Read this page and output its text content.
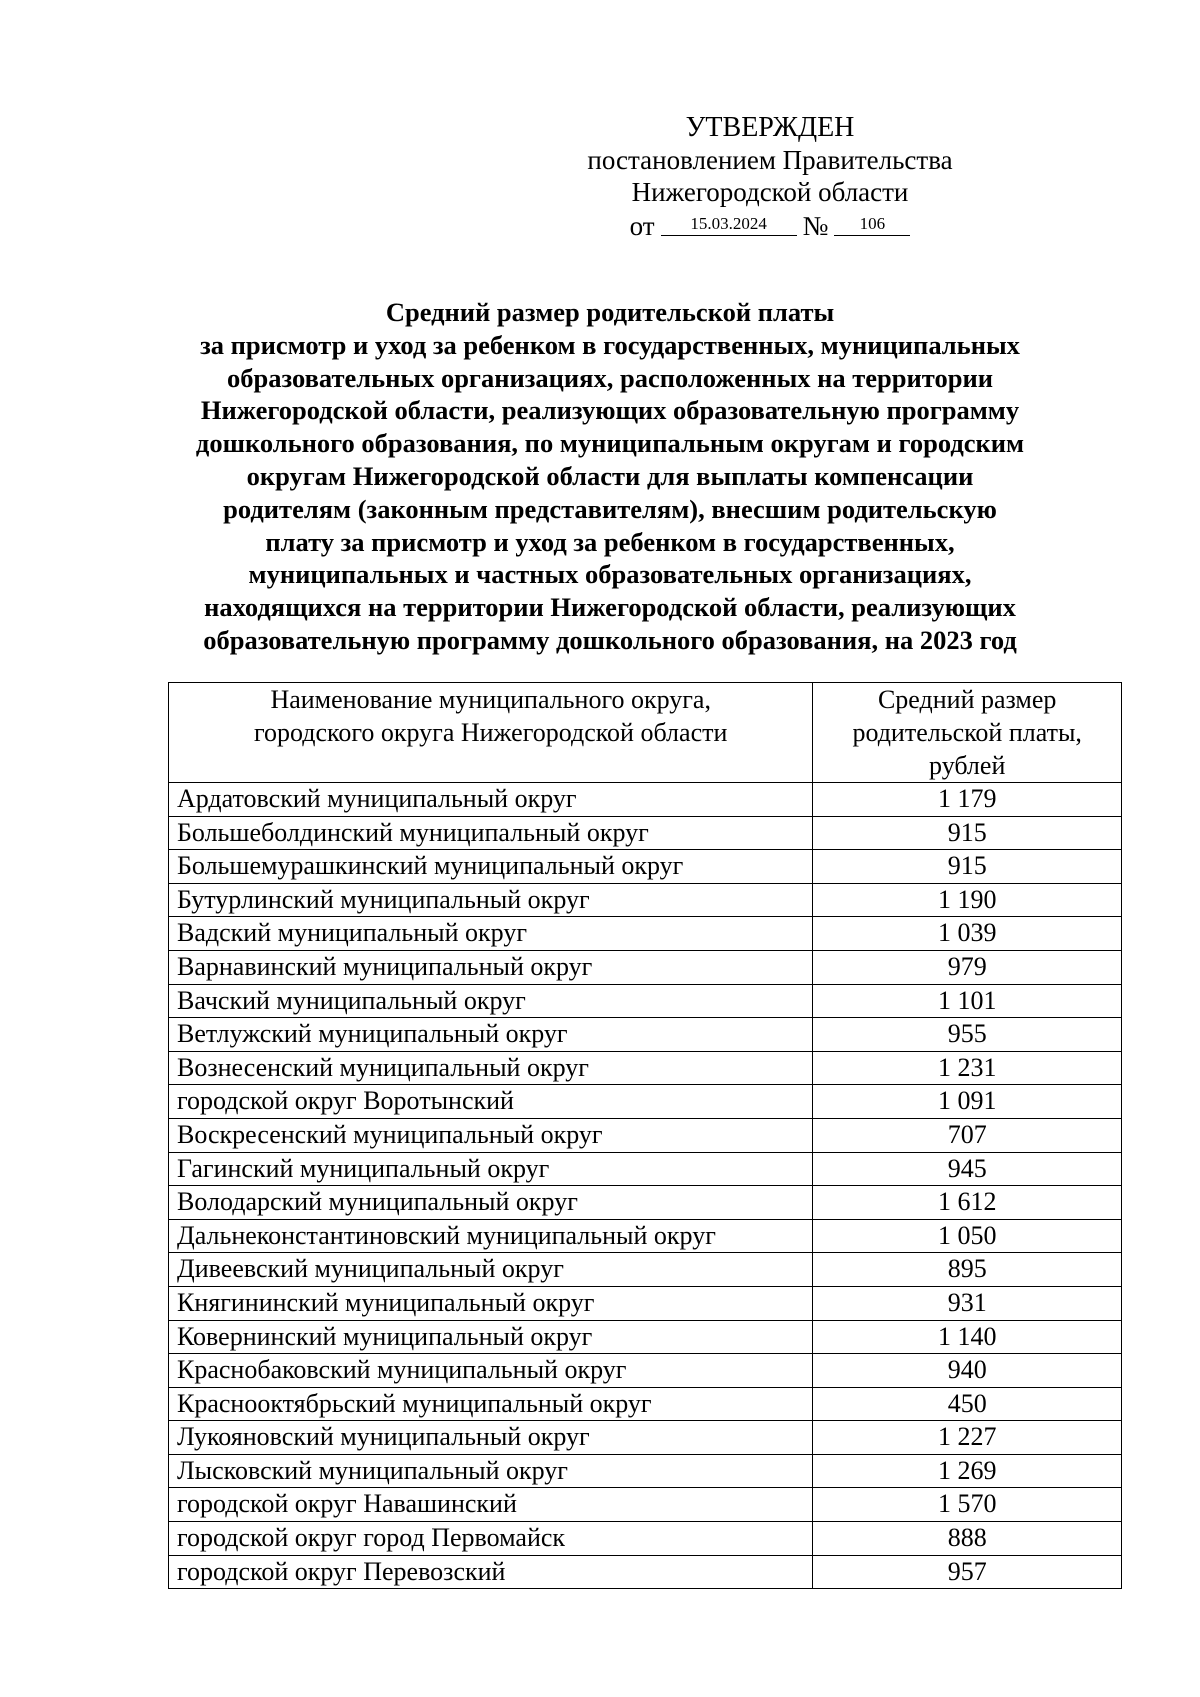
УТВЕРЖДЕН
постановлением Правительства
Нижегородской области
от	15.03.2024	№	106
Средний размер родительской платы
за присмотр и уход за ребенком в государственных, муниципальных
образовательных организациях, расположенных на территории
Нижегородской области, реализующих образовательную программу
дошкольного образования, по муниципальным округам и городским
округам Нижегородской области для выплаты компенсации
родителям (законным представителям), внесшим родительскую
плату за присмотр и уход за ребенком в государственных,
муниципальных и частных образовательных организациях,
находящихся на территории Нижегородской области, реализующих
образовательную программу дошкольного образования, на 2023 год
Наименование муниципального округа,
городского округа Нижегородской области	Средний размер
родительской платы,
рублей

Ардатовский муниципальный округ	1 179
Большеболдинский муниципальный округ	915
Большемурашкинский муниципальный округ	915
Бутурлинский муниципальный округ	1 190
Вадский муниципальный округ	1 039
Варнавинский муниципальный округ	979
Вачский муниципальный округ	1 101
Ветлужский муниципальный округ	955
Вознесенский муниципальный округ	1 231
городской округ Воротынский	1 091
Воскресенский муниципальный округ	707
Гагинский муниципальный округ	945
Володарский муниципальный округ	1 612
Дальнеконстантиновский муниципальный округ	1 050
Дивеевский муниципальный округ	895
Княгининский муниципальный округ	931
Ковернинский муниципальный округ	1 140
Краснобаковский муниципальный округ	940
Краснооктябрьский муниципальный округ	450
Лукояновский муниципальный округ	1 227
Лысковский муниципальный округ	1 269
городской округ Навашинский	1 570
городской округ город Первомайск	888
городской округ Перевозский	957
